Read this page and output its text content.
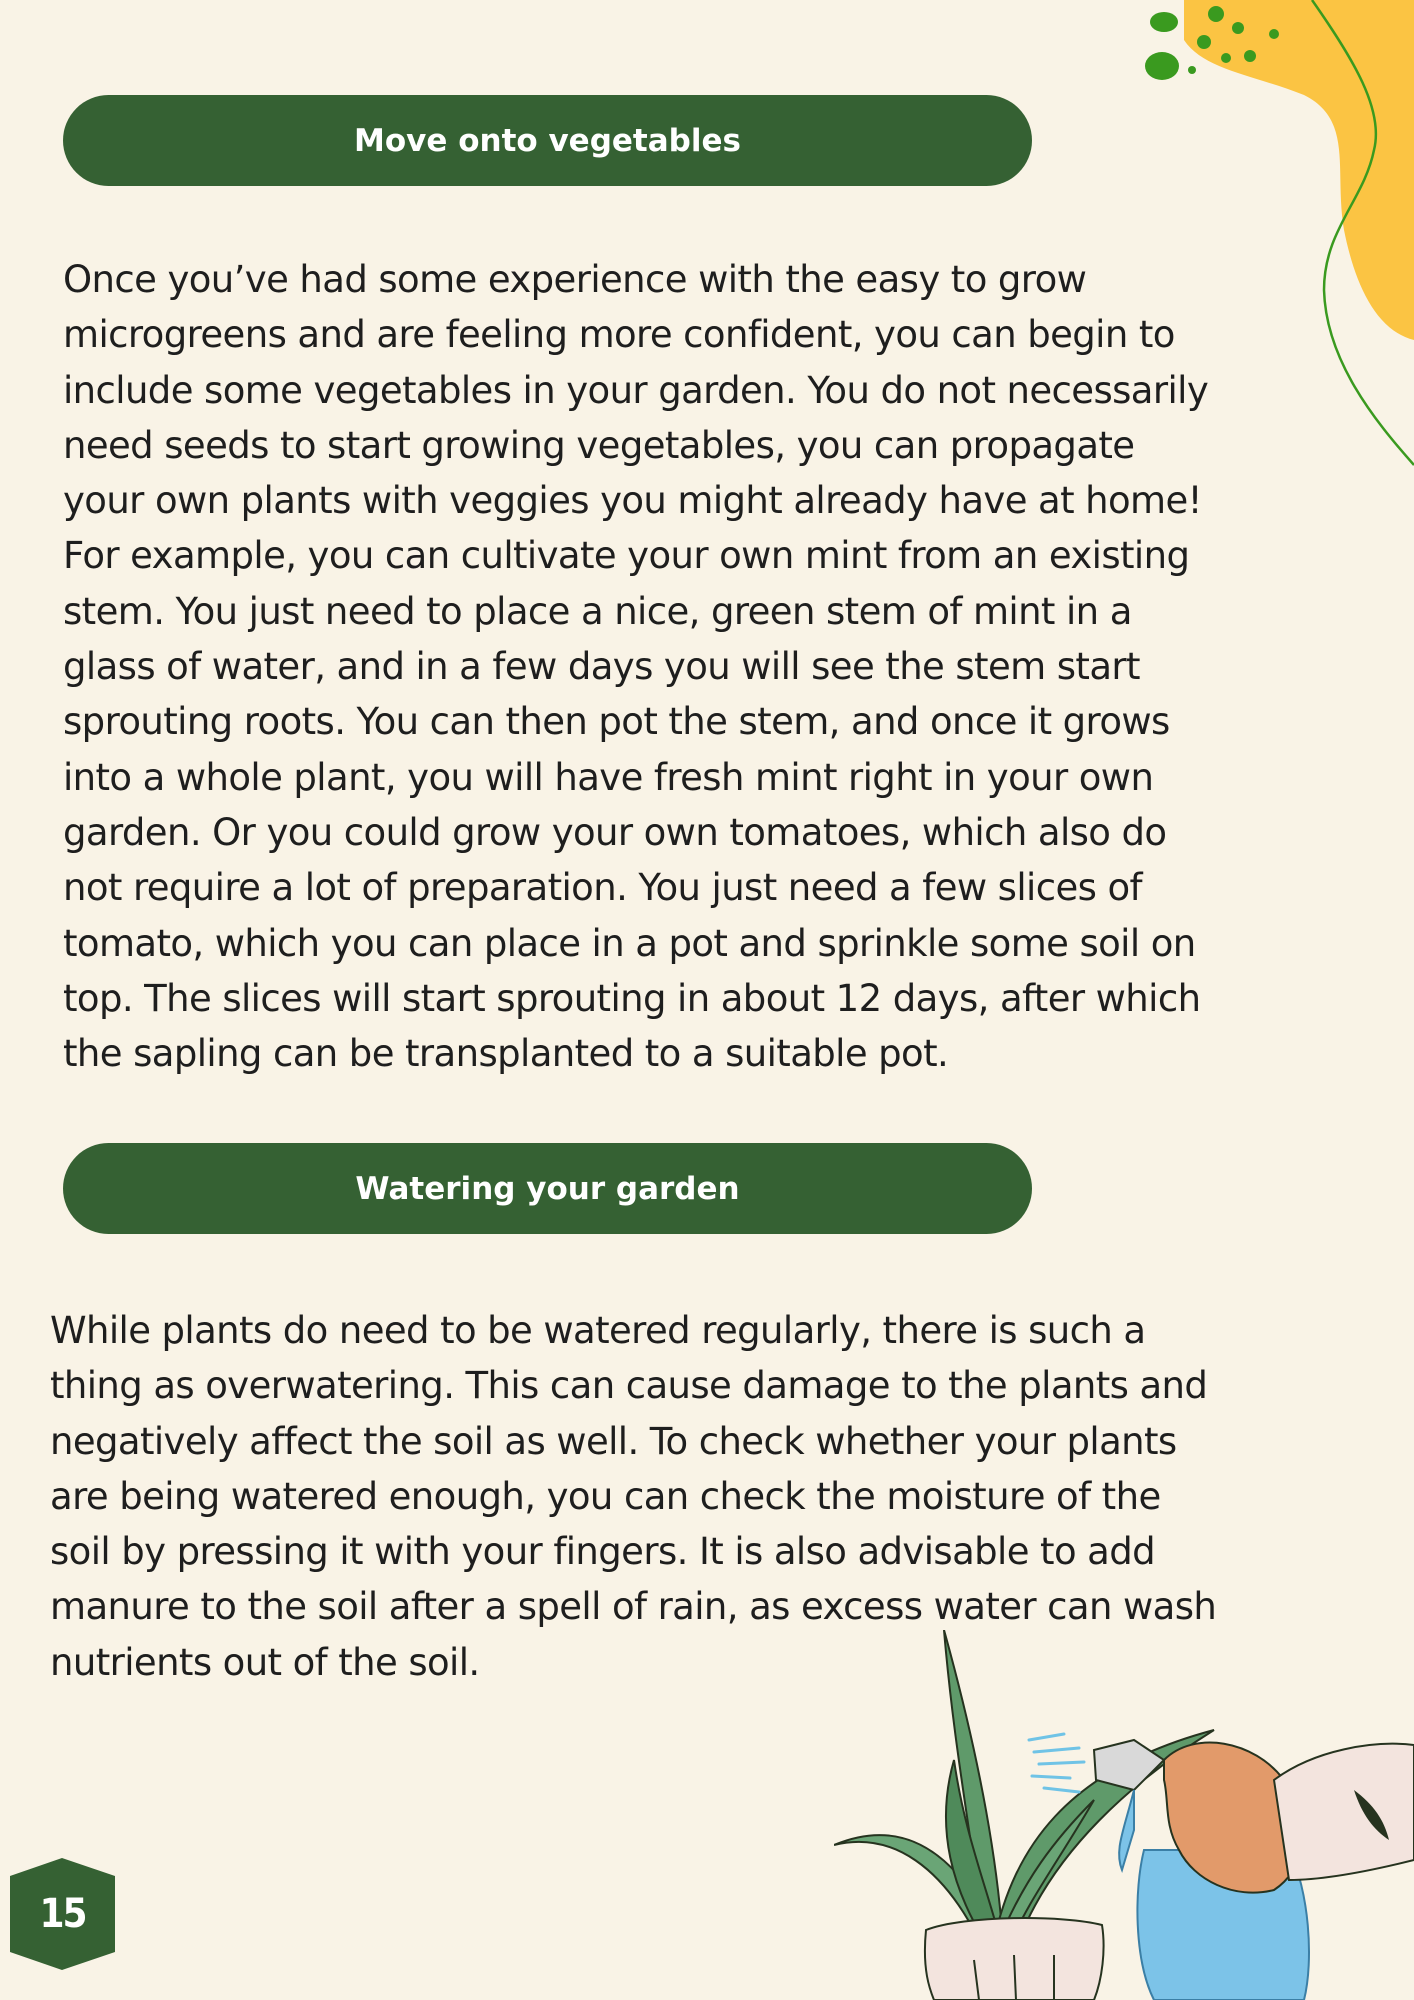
Move onto vegetables

Once you’ve had some experience with the easy to grow
microgreens and are feeling more confident, you can begin to
include some vegetables in your garden. You do not necessarily
need seeds to start growing vegetables, you can propagate
your own plants with veggies you might already have at home!
For example, you can cultivate your own mint from an existing
stem. You just need to place a nice, green stem of mint in a
glass of water, and in a few days you will see the stem start
sprouting roots. You can then pot the stem, and once it grows
into a whole plant, you will have fresh mint right in your own
garden. Or you could grow your own tomatoes, which also do
not require a lot of preparation. You just need a few slices of
tomato, which you can place in a pot and sprinkle some soil on
top. The slices will start sprouting in about 12 days, after which
the sapling can be transplanted to a suitable pot.

Watering your garden

While plants do need to be watered regularly, there is such a
thing as overwatering. This can cause damage to the plants and
negatively affect the soil as well. To check whether your plants
are being watered enough, you can check the moisture of the
soil by pressing it with your fingers. It is also advisable to add
manure to the soil after a spell of rain, as excess water can wash
nutrients out of the soil.

15
